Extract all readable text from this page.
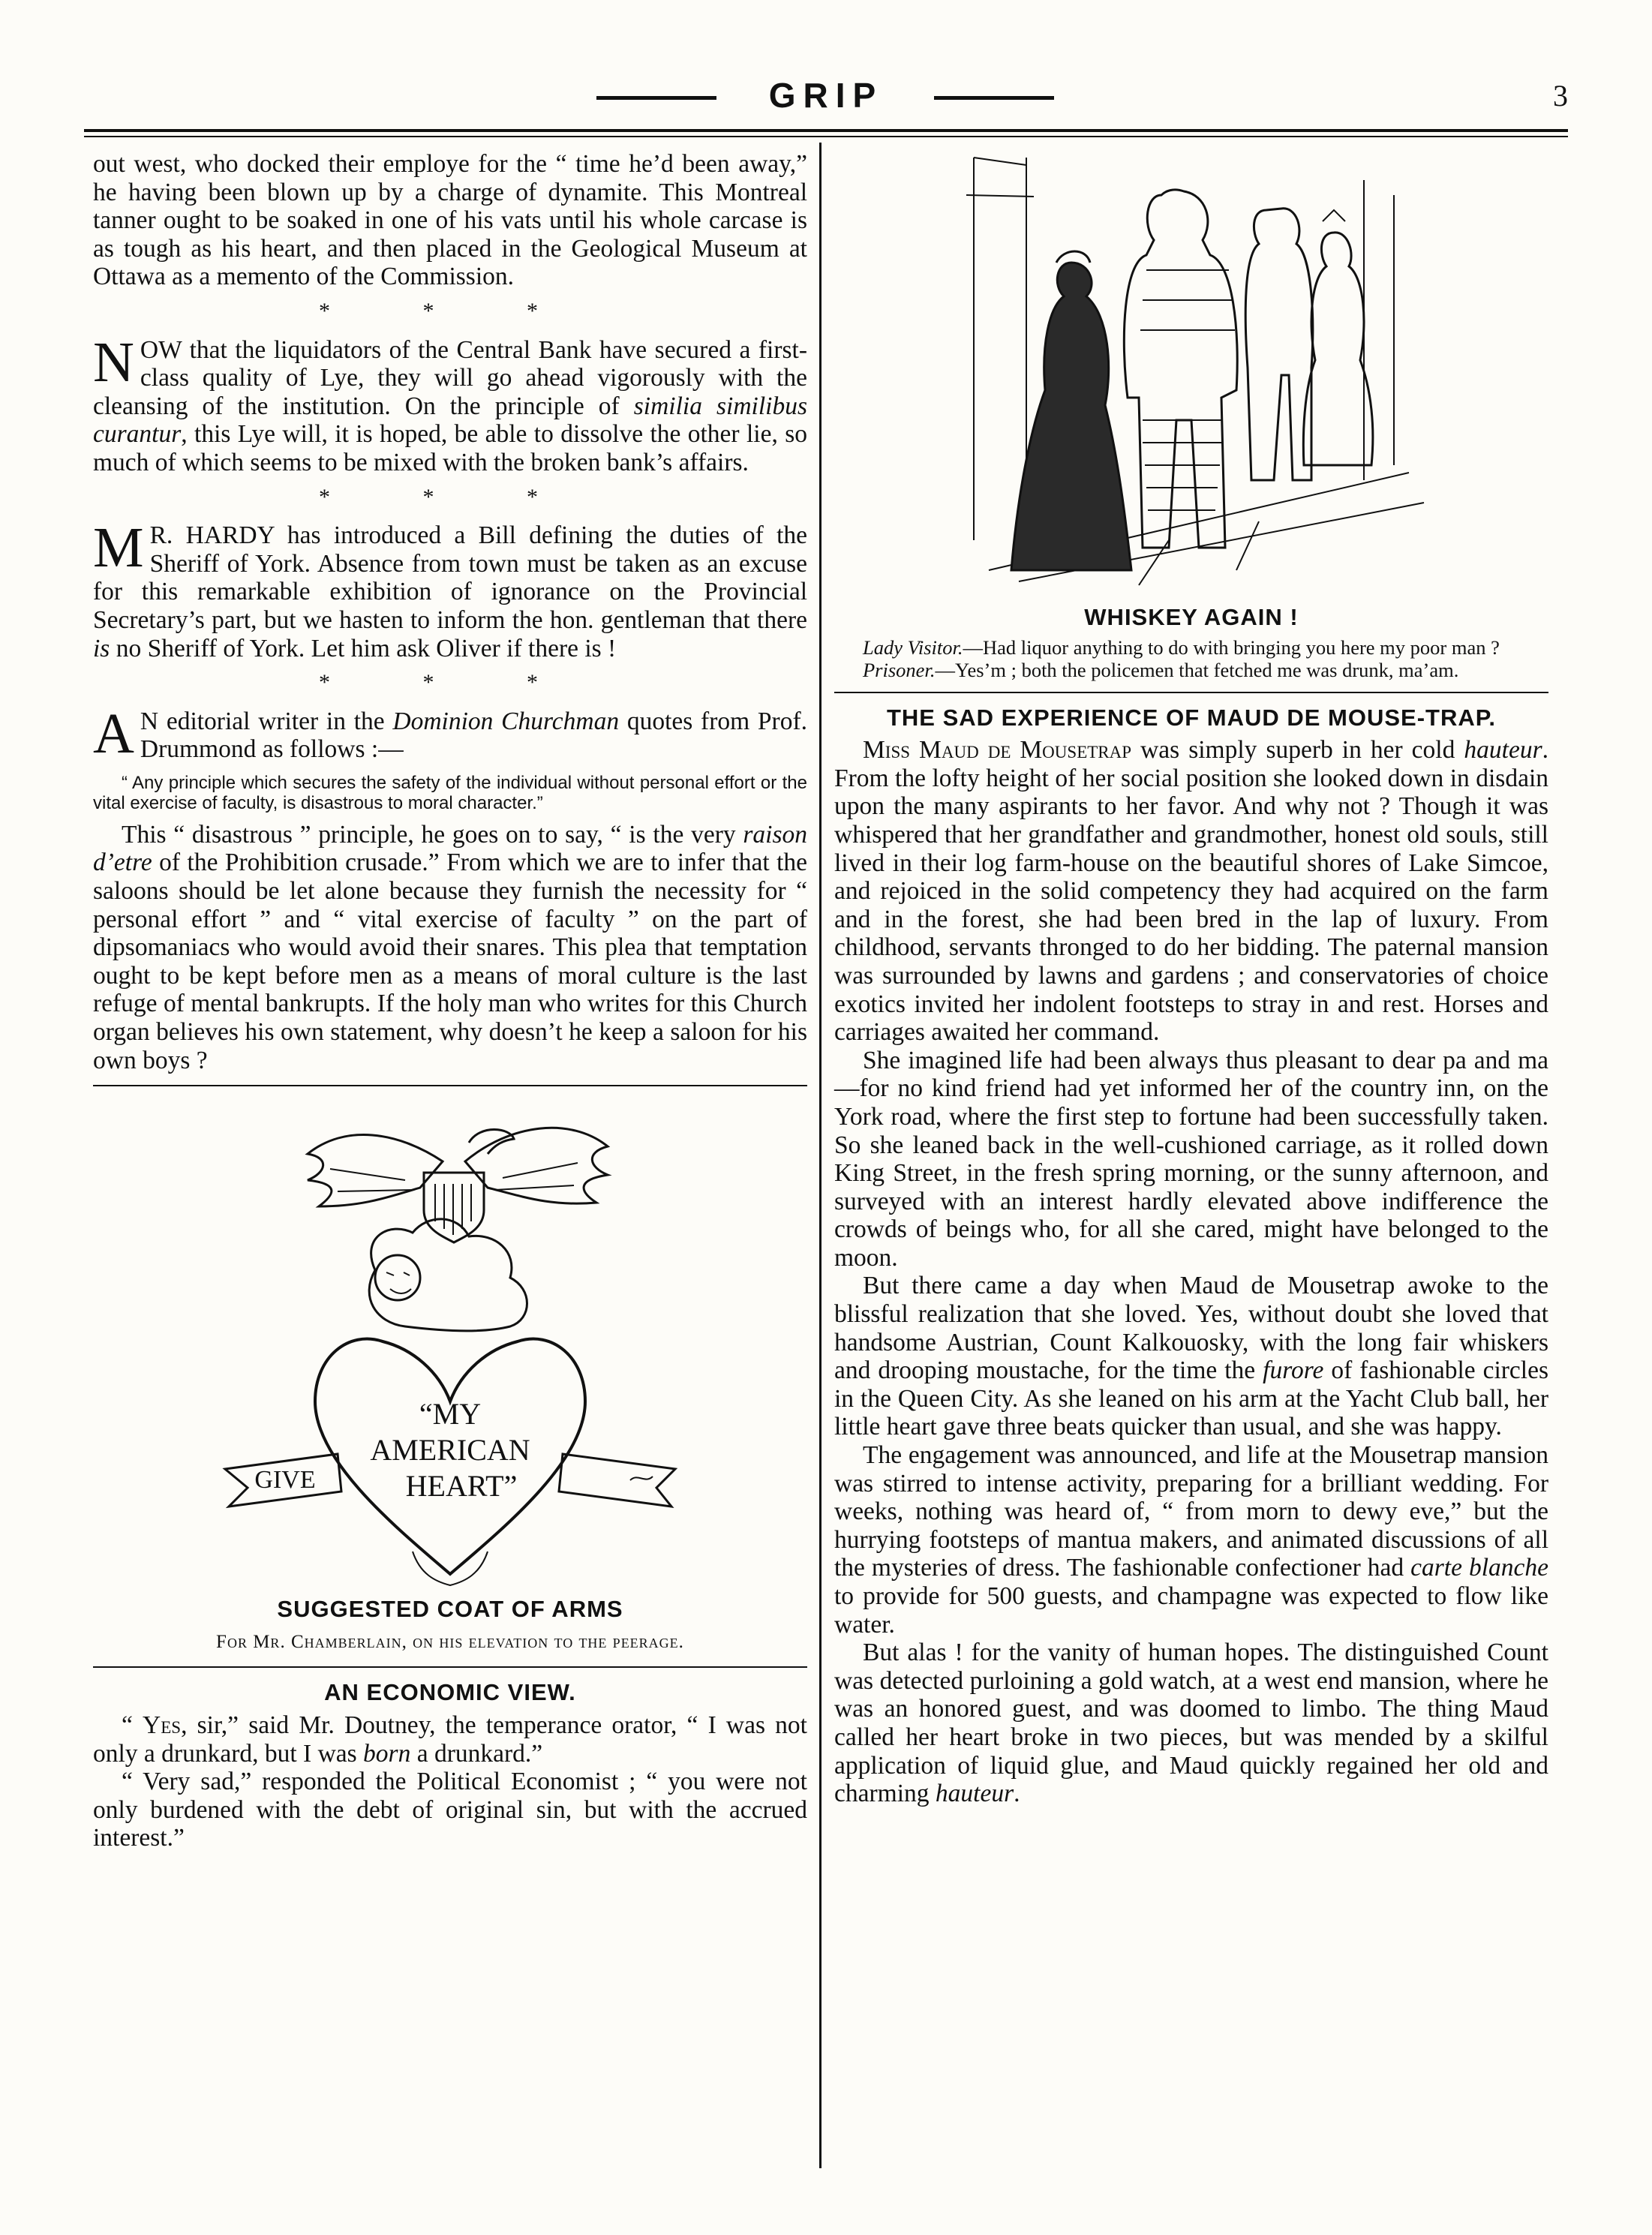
GRIP	3

out west, who docked their employe for the “ time he’d been away,” he having been blown up by a charge of dynamite. This Montreal tanner ought to be soaked in one of his vats until his whole carcase is as tough as his heart, and then placed in the Geological Museum at Ottawa as a memento of the Commission.

* * *

NOW that the liquidators of the Central Bank have secured a first-class quality of Lye, they will go ahead vigorously with the cleansing of the institution. On the principle of similia similibus curantur, this Lye will, it is hoped, be able to dissolve the other lie, so much of which seems to be mixed with the broken bank’s affairs.

* * *

M R. HARDY has introduced a Bill defining the duties of the Sheriff of York. Absence from town must be taken as an excuse for this remarkable exhibition of ignorance on the Provincial Secretary’s part, but we hasten to inform the hon. gentleman that there is no Sheriff of York. Let him ask Oliver if there is !

* * *

A N editorial writer in the Dominion Churchman quotes from Prof. Drummond as follows :—

“ Any principle which secures the safety of the individual without personal effort or the vital exercise of faculty, is disastrous to moral character.”

This “ disastrous ” principle, he goes on to say, “ is the very raison d’etre of the Prohibition crusade.” From which we are to infer that the saloons should be let alone because they furnish the necessity for “ personal effort ” and “ vital exercise of faculty ” on the part of dipsomaniacs who would avoid their snares. This plea that temptation ought to be kept before men as a means of moral culture is the last refuge of mental bankrupts. If the holy man who writes for this Church organ believes his own statement, why doesn’t he keep a saloon for his own boys ?

“MY
AMERICAN
HEART”
GIVE
SUGGESTED COAT OF ARMS
For Mr. Chamberlain, on his elevation to the peerage.
AN ECONOMIC VIEW.

“ Yes, sir,” said Mr. Doutney, the temperance orator, “ I was not only a drunkard, but I was born a drunkard.”

“ Very sad,” responded the Political Economist ; “ you were not only burdened with the debt of original sin, but with the accrued interest.”

WHISKEY AGAIN !
Lady Visitor.—Had liquor anything to do with bringing you here my poor man ?
Prisoner.—Yes’m ; both the policemen that fetched me was drunk, ma’am.
THE SAD EXPERIENCE OF MAUD DE MOUSE-TRAP.

Miss Maud de Mousetrap was simply superb in her cold hauteur. From the lofty height of her social position she looked down in disdain upon the many aspirants to her favor. And why not ? Though it was whispered that her grandfather and grandmother, honest old souls, still lived in their log farm-house on the beautiful shores of Lake Simcoe, and rejoiced in the solid competency they had acquired on the farm and in the forest, she had been bred in the lap of luxury. From childhood, servants thronged to do her bidding. The paternal mansion was surrounded by lawns and gardens ; and conservatories of choice exotics invited her indolent footsteps to stray in and rest. Horses and carriages awaited her command.

She imagined life had been always thus pleasant to dear pa and ma—for no kind friend had yet informed her of the country inn, on the York road, where the first step to fortune had been successfully taken. So she leaned back in the well-cushioned carriage, as it rolled down King Street, in the fresh spring morning, or the sunny afternoon, and surveyed with an interest hardly elevated above indifference the crowds of beings who, for all she cared, might have belonged to the moon.

But there came a day when Maud de Mousetrap awoke to the blissful realization that she loved. Yes, without doubt she loved that handsome Austrian, Count Kalkouosky, with the long fair whiskers and drooping moustache, for the time the furore of fashionable circles in the Queen City. As she leaned on his arm at the Yacht Club ball, her little heart gave three beats quicker than usual, and she was happy.

The engagement was announced, and life at the Mousetrap mansion was stirred to intense activity, preparing for a brilliant wedding. For weeks, nothing was heard of, “ from morn to dewy eve,” but the hurrying footsteps of mantua makers, and animated discussions of all the mysteries of dress. The fashionable confectioner had carte blanche to provide for 500 guests, and champagne was expected to flow like water.

But alas ! for the vanity of human hopes. The distinguished Count was detected purloining a gold watch, at a west end mansion, where he was an honored guest, and was doomed to limbo. The thing Maud called her heart broke in two pieces, but was mended by a skilful application of liquid glue, and Maud quickly regained her old and charming hauteur.
